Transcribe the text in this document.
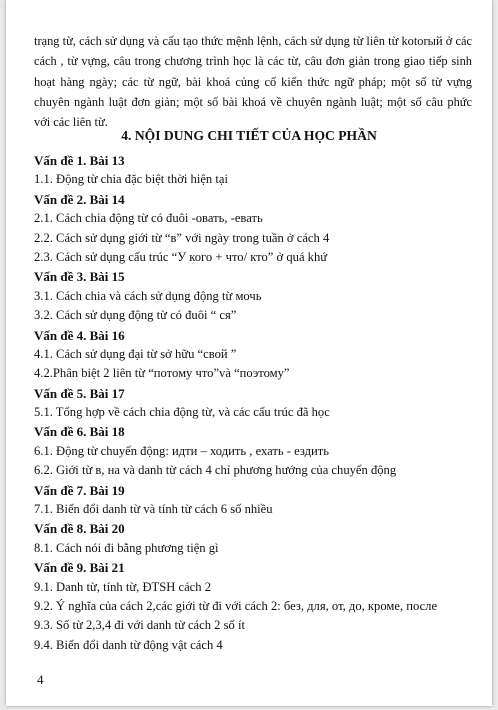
trạng từ, cách sử dụng và cấu tạo thức mệnh lệnh, cách sử dụng từ liên từ kotorый ở các cách , từ vựng, câu trong chương trình học là các từ, câu đơn giản trong giao tiếp sinh hoạt hàng ngày; các từ ngữ, bài khoá củng cố kiến thức ngữ pháp; một số từ vựng chuyên ngành luật đơn giản; một số bài khoá về chuyên ngành luật; một số câu phức với các liên từ.

4. NỘI DUNG CHI TIẾT CỦA HỌC PHẦN
Vấn đề 1. Bài 13
1.1. Động từ chia đặc biệt thời hiện tại
Vấn đề 2. Bài 14
2.1. Cách chia động từ có đuôi -овать, -евать
2.2. Cách sử dụng giới từ “в” với ngày trong tuần ở cách 4
2.3. Cách sử dụng cấu trúc “У кого + что/ кто” ở quá khứ
Vấn đề 3. Bài 15
3.1. Cách chia và cách sử dụng động từ мочь
3.2. Cách sử dụng động từ có đuôi “ ся”
Vấn đề 4. Bài 16
4.1. Cách sử dụng đại từ sở hữu “свой ”
4.2.Phân biệt 2 liên từ “потому что”và “поэтому”
Vấn đề 5. Bài 17
5.1. Tổng hợp về cách chia động từ, và các cấu trúc đã học
Vấn đề 6. Bài 18
6.1. Động từ chuyển động: идти – ходить , ехать - ездить
6.2. Giới từ в, на và danh từ cách 4 chỉ phương hướng của chuyển động
Vấn đề 7. Bài 19
7.1. Biến đổi danh từ và tính từ cách 6 số nhiều
Vấn đề 8. Bài 20
8.1. Cách nói đi bằng phương tiện gì
Vấn đề 9. Bài 21
9.1. Danh từ, tính từ, ĐTSH cách 2
9.2. Ý nghĩa của cách 2,các giới từ đi với cách 2: без, для, от, до, кроме, после
9.3. Số từ 2,3,4 đi với danh từ cách 2 số ít
9.4. Biến đổi danh từ động vật cách 4
4
